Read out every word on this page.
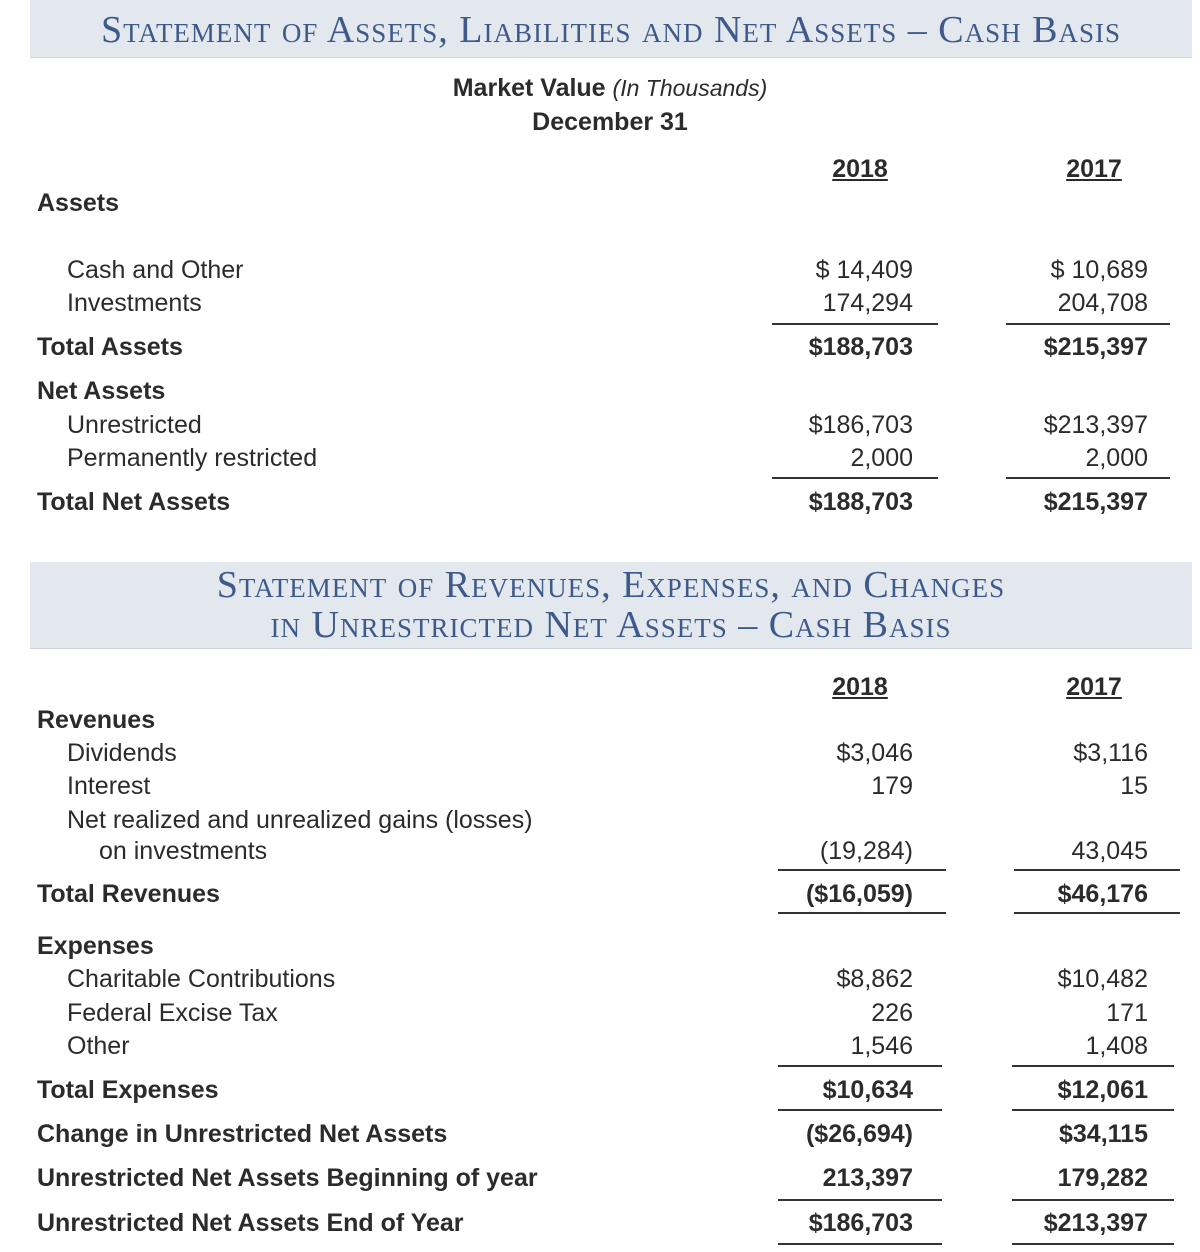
Statement of Assets, Liabilities and Net Assets – Cash Basis
Market Value (In Thousands)
December 31
2018	2017
Assets
Cash and Other	$ 14,409	$ 10,689
Investments	174,294	204,708
Total Assets	$188,703	$215,397
Net Assets
Unrestricted	$186,703	$213,397
Permanently restricted	2,000	2,000
Total Net Assets	$188,703	$215,397
Statement of Revenues, Expenses, and Changes
in Unrestricted Net Assets – Cash Basis
2018	2017
Revenues
Dividends	$3,046	$3,116
Interest	179	15
Net realized and unrealized gains (losses)
on investments	(19,284)	43,045
Total Revenues	($16,059)	$46,176
Expenses
Charitable Contributions	$8,862	$10,482
Federal Excise Tax	226	171
Other	1,546	1,408
Total Expenses	$10,634	$12,061
Change in Unrestricted Net Assets	($26,694)	$34,115
Unrestricted Net Assets Beginning of year	213,397	179,282
Unrestricted Net Assets End of Year	$186,703	$213,397
